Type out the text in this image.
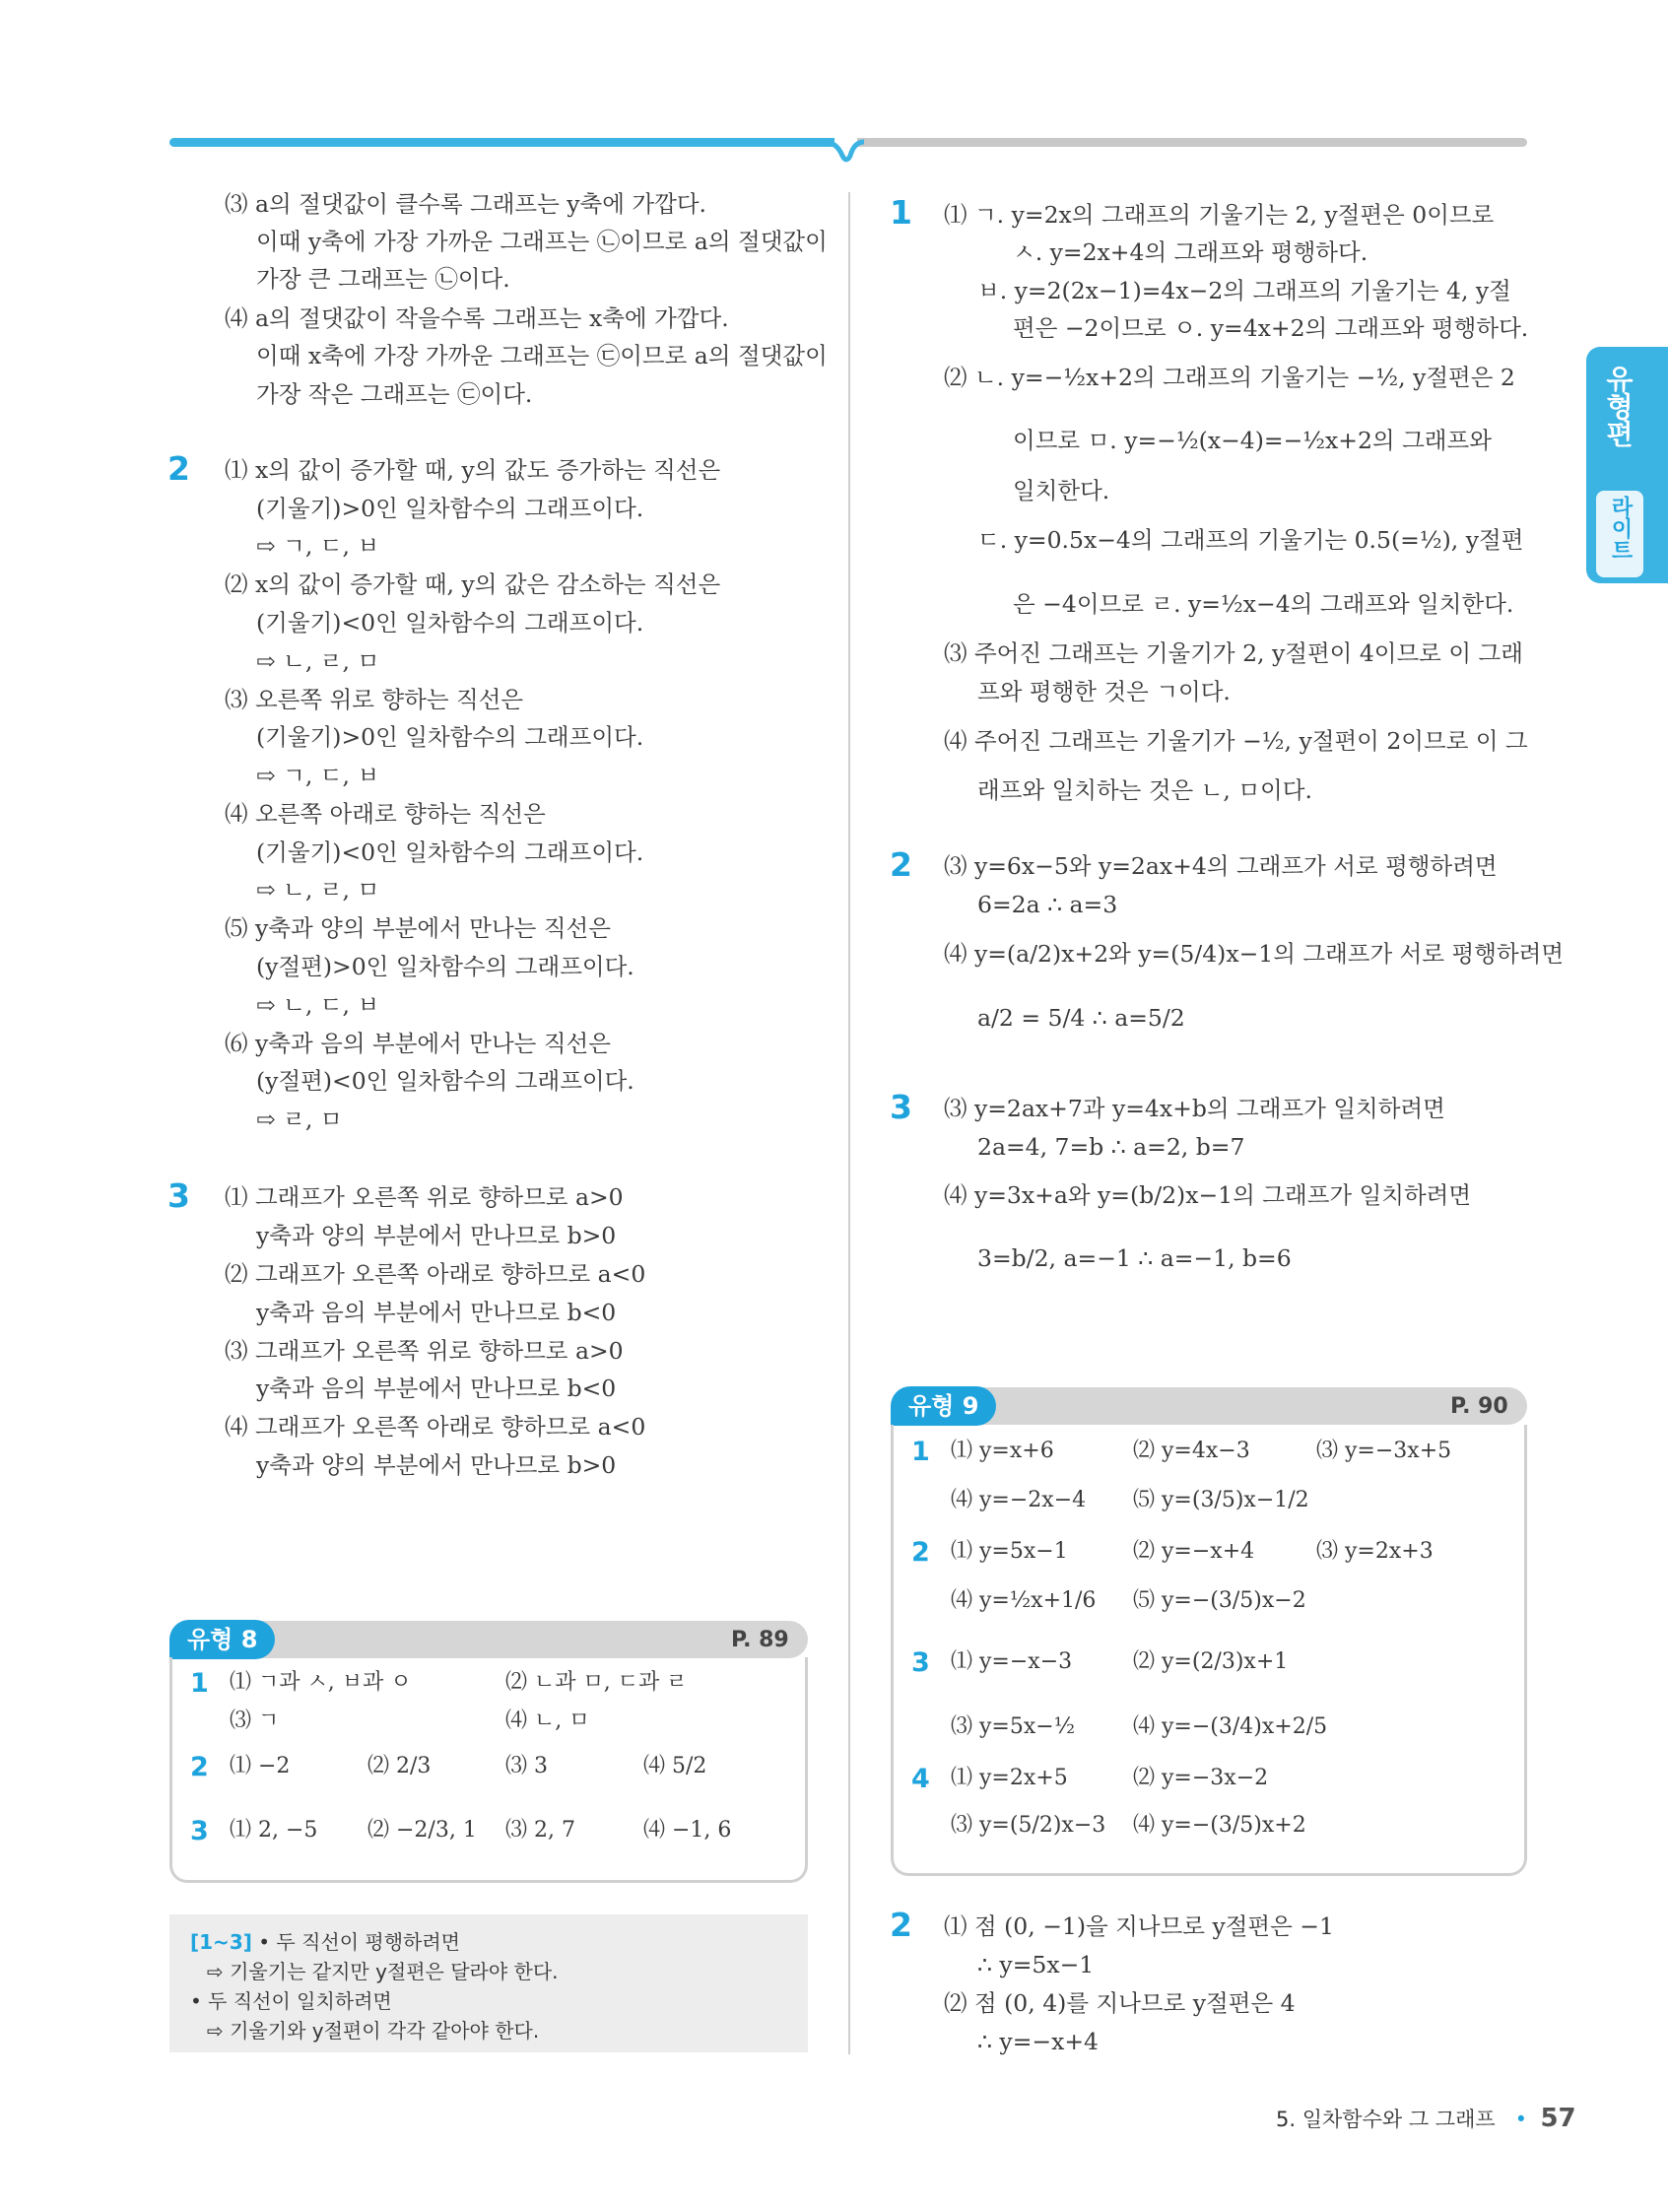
유형편
라이트
⑶ a의 절댓값이 클수록 그래프는 y축에 가깝다.
이때 y축에 가장 가까운 그래프는 ㉡이므로 a의 절댓값이
가장 큰 그래프는 ㉡이다.
⑷ a의 절댓값이 작을수록 그래프는 x축에 가깝다.
이때 x축에 가장 가까운 그래프는 ㉢이므로 a의 절댓값이
가장 작은 그래프는 ㉢이다.
2 ⑴ x의 값이 증가할 때, y의 값도 증가하는 직선은
(기울기)>0인 일차함수의 그래프이다.
⇨ ㄱ, ㄷ, ㅂ
⑵ x의 값이 증가할 때, y의 값은 감소하는 직선은
(기울기)<0인 일차함수의 그래프이다.
⇨ ㄴ, ㄹ, ㅁ
⑶ 오른쪽 위로 향하는 직선은
(기울기)>0인 일차함수의 그래프이다.
⇨ ㄱ, ㄷ, ㅂ
⑷ 오른쪽 아래로 향하는 직선은
(기울기)<0인 일차함수의 그래프이다.
⇨ ㄴ, ㄹ, ㅁ
⑸ y축과 양의 부분에서 만나는 직선은
(y절편)>0인 일차함수의 그래프이다.
⇨ ㄴ, ㄷ, ㅂ
⑹ y축과 음의 부분에서 만나는 직선은
(y절편)<0인 일차함수의 그래프이다.
⇨ ㄹ, ㅁ
3 ⑴ 그래프가 오른쪽 위로 향하므로 a>0
y축과 양의 부분에서 만나므로 b>0
⑵ 그래프가 오른쪽 아래로 향하므로 a<0
y축과 음의 부분에서 만나므로 b<0
⑶ 그래프가 오른쪽 위로 향하므로 a>0
y축과 음의 부분에서 만나므로 b<0
⑷ 그래프가 오른쪽 아래로 향하므로 a<0
y축과 양의 부분에서 만나므로 b>0
유형 8	P. 89
1 ⑴ ㄱ과 ㅅ, ㅂ과 ㅇ	⑵ ㄴ과 ㅁ, ㄷ과 ㄹ
⑶ ㄱ	⑷ ㄴ, ㅁ
2 ⑴ −2	⑵ 2/3	⑶ 3	⑷ 5/2
3 ⑴ 2, −5 ⑵ −2/3, 1 ⑶ 2, 7	⑷ −1, 6
[1~3] • 두 직선이 평행하려면
⇨ 기울기는 같지만 y절편은 달라야 한다.
• 두 직선이 일치하려면
⇨ 기울기와 y절편이 각각 같아야 한다.
1 ⑴ ㄱ. y=2x의 그래프의 기울기는 2, y절편은 0이므로
ㅅ. y=2x+4의 그래프와 평행하다.
ㅂ. y=2(2x−1)=4x−2의 그래프의 기울기는 4, y절
편은 −2이므로 ㅇ. y=4x+2의 그래프와 평행하다.
⑵ ㄴ. y=−½x+2의 그래프의 기울기는 −½, y절편은 2
이므로 ㅁ. y=−½(x−4)=−½x+2의 그래프와
일치한다.
ㄷ. y=0.5x−4의 그래프의 기울기는 0.5(=½), y절편
은 −4이므로 ㄹ. y=½x−4의 그래프와 일치한다.
⑶ 주어진 그래프는 기울기가 2, y절편이 4이므로 이 그래
프와 평행한 것은 ㄱ이다.
⑷ 주어진 그래프는 기울기가 −½, y절편이 2이므로 이 그
래프와 일치하는 것은 ㄴ, ㅁ이다.
2 ⑶ y=6x−5와 y=2ax+4의 그래프가 서로 평행하려면
6=2a ∴ a=3
⑷ y=(a/2)x+2와 y=(5/4)x−1의 그래프가 서로 평행하려면
a/2 = 5/4 ∴ a=5/2
3 ⑶ y=2ax+7과 y=4x+b의 그래프가 일치하려면
2a=4, 7=b ∴ a=2, b=7
⑷ y=3x+a와 y=(b/2)x−1의 그래프가 일치하려면
3=b/2, a=−1 ∴ a=−1, b=6
유형 9	P. 90
1 ⑴ y=x+6	⑵ y=4x−3	⑶ y=−3x+5
⑷ y=−2x−4 ⑸ y=(3/5)x−1/2
2 ⑴ y=5x−1	⑵ y=−x+4	⑶ y=2x+3
⑷ y=½x+1/6 ⑸ y=−(3/5)x−2
3 ⑴ y=−x−3	⑵ y=(2/3)x+1
⑶ y=5x−½	⑷ y=−(3/4)x+2/5
4 ⑴ y=2x+5	⑵ y=−3x−2
⑶ y=(5/2)x−3 ⑷ y=−(3/5)x+2
2 ⑴ 점 (0, −1)을 지나므로 y절편은 −1
∴ y=5x−1
⑵ 점 (0, 4)를 지나므로 y절편은 4
∴ y=−x+4
5. 일차함수와 그 그래프   •  57
